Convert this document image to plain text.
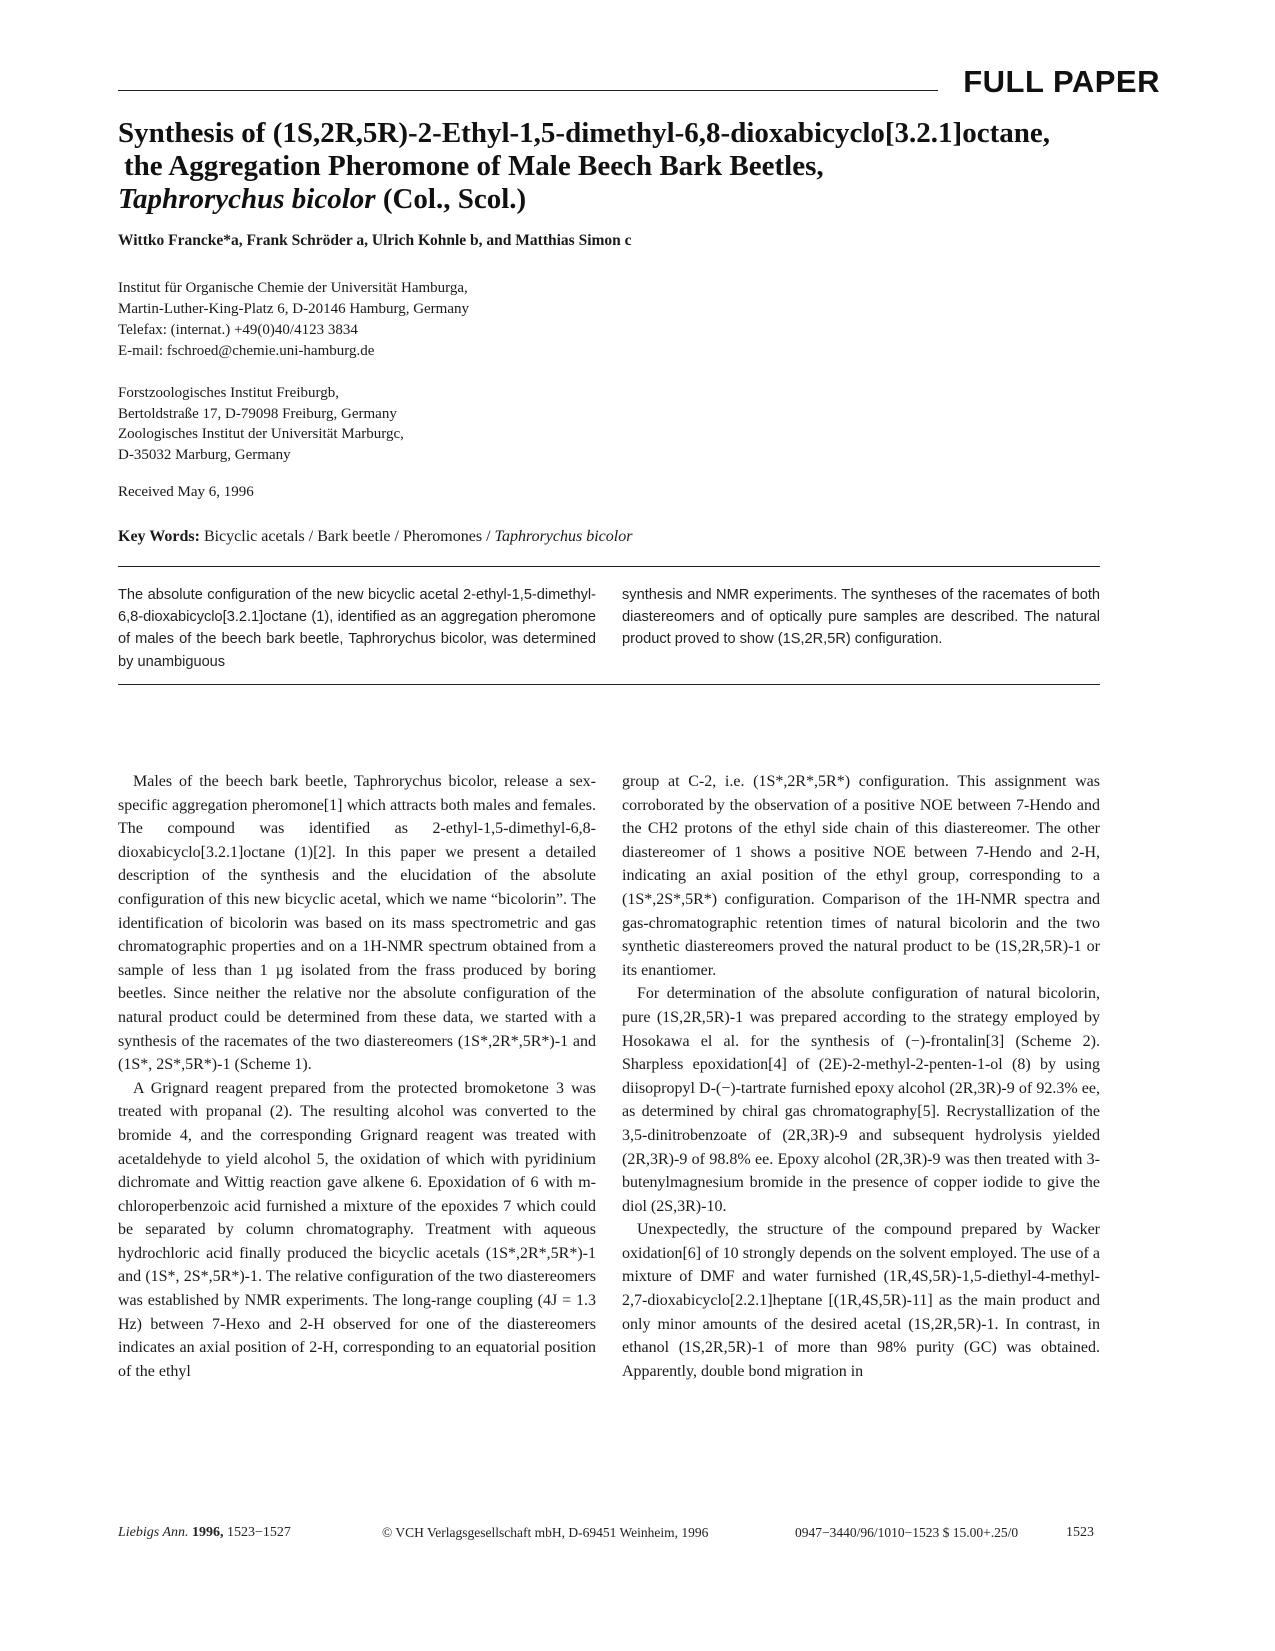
FULL PAPER
Synthesis of (1S,2R,5R)-2-Ethyl-1,5-dimethyl-6,8-dioxabicyclo[3.2.1]octane,
the Aggregation Pheromone of Male Beech Bark Beetles,
Taphrorychus bicolor (Col., Scol.)
Wittko Francke*a, Frank Schröder a, Ulrich Kohnle b, and Matthias Simon c
Institut für Organische Chemie der Universität Hamburga,
Martin-Luther-King-Platz 6, D-20146 Hamburg, Germany
Telefax: (internat.) +49(0)40/4123 3834
E-mail: fschroed@chemie.uni-hamburg.de
Forstzoologisches Institut Freiburgb,
Bertoldstraße 17, D-79098 Freiburg, Germany
Zoologisches Institut der Universität Marburgc,
D-35032 Marburg, Germany
Received May 6, 1996
Key Words: Bicyclic acetals / Bark beetle / Pheromones / Taphrorychus bicolor
The absolute configuration of the new bicyclic acetal 2-ethyl-1,5-dimethyl-6,8-dioxabicyclo[3.2.1]octane (1), identified as an aggregation pheromone of males of the beech bark beetle, Taphrorychus bicolor, was determined by unambiguous
synthesis and NMR experiments. The syntheses of the racemates of both diastereomers and of optically pure samples are described. The natural product proved to show (1S,2R,5R) configuration.

Males of the beech bark beetle, Taphrorychus bicolor, release a sex-specific aggregation pheromone[1] which attracts both males and females. The compound was identified as 2-ethyl-1,5-dimethyl-6,8-dioxabicyclo[3.2.1]octane (1)[2]. In this paper we present a detailed description of the synthesis and the elucidation of the absolute configuration of this new bicyclic acetal, which we name “bicolorin”. The identification of bicolorin was based on its mass spectrometric and gas chromatographic properties and on a 1H-NMR spectrum obtained from a sample of less than 1 µg isolated from the frass produced by boring beetles. Since neither the relative nor the absolute configuration of the natural product could be determined from these data, we started with a synthesis of the racemates of the two diastereomers (1S*,2R*,5R*)-1 and (1S*, 2S*,5R*)-1 (Scheme 1).

A Grignard reagent prepared from the protected bromoketone 3 was treated with propanal (2). The resulting alcohol was converted to the bromide 4, and the corresponding Grignard reagent was treated with acetaldehyde to yield alcohol 5, the oxidation of which with pyridinium dichromate and Wittig reaction gave alkene 6. Epoxidation of 6 with m-chloroperbenzoic acid furnished a mixture of the epoxides 7 which could be separated by column chromatography. Treatment with aqueous hydrochloric acid finally produced the bicyclic acetals (1S*,2R*,5R*)-1 and (1S*, 2S*,5R*)-1. The relative configuration of the two diastereomers was established by NMR experiments. The long-range coupling (4J = 1.3 Hz) between 7-Hexo and 2-H observed for one of the diastereomers indicates an axial position of 2-H, corresponding to an equatorial position of the ethyl

group at C-2, i.e. (1S*,2R*,5R*) configuration. This assignment was corroborated by the observation of a positive NOE between 7-Hendo and the CH2 protons of the ethyl side chain of this diastereomer. The other diastereomer of 1 shows a positive NOE between 7-Hendo and 2-H, indicating an axial position of the ethyl group, corresponding to a (1S*,2S*,5R*) configuration. Comparison of the 1H-NMR spectra and gas-chromatographic retention times of natural bicolorin and the two synthetic diastereomers proved the natural product to be (1S,2R,5R)-1 or its enantiomer.

For determination of the absolute configuration of natural bicolorin, pure (1S,2R,5R)-1 was prepared according to the strategy employed by Hosokawa el al. for the synthesis of (−)-frontalin[3] (Scheme 2). Sharpless epoxidation[4] of (2E)-2-methyl-2-penten-1-ol (8) by using diisopropyl D-(−)-tartrate furnished epoxy alcohol (2R,3R)-9 of 92.3% ee, as determined by chiral gas chromatography[5]. Recrystallization of the 3,5-dinitrobenzoate of (2R,3R)-9 and subsequent hydrolysis yielded (2R,3R)-9 of 98.8% ee. Epoxy alcohol (2R,3R)-9 was then treated with 3-butenylmagnesium bromide in the presence of copper iodide to give the diol (2S,3R)-10.

Unexpectedly, the structure of the compound prepared by Wacker oxidation[6] of 10 strongly depends on the solvent employed. The use of a mixture of DMF and water furnished (1R,4S,5R)-1,5-diethyl-4-methyl-2,7-dioxabicyclo[2.2.1]heptane [(1R,4S,5R)-11] as the main product and only minor amounts of the desired acetal (1S,2R,5R)-1. In contrast, in ethanol (1S,2R,5R)-1 of more than 98% purity (GC) was obtained. Apparently, double bond migration in

Liebigs Ann. 1996, 1523−1527	© VCH Verlagsgesellschaft mbH, D-69451 Weinheim, 1996	0947−3440/96/1010−1523 $ 15.00+.25/0	1523
